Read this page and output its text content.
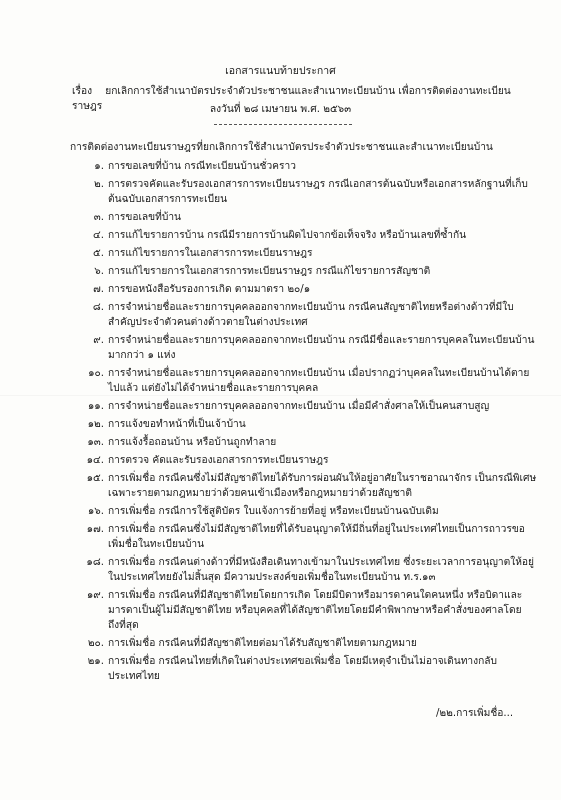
เอกสารแนบท้ายประกาศ
เรื่อง ยกเลิกการใช้สำเนาบัตรประจำตัวประชาชนและสำเนาทะเบียนบ้าน เพื่อการติดต่องานทะเบียนราษฎร	ลงวันที่ ๒๘ เมษายน พ.ศ. ๒๕๖๓
การติดต่องานทะเบียนราษฎรที่ยกเลิกการใช้สำเนาบัตรประจำตัวประชาชนและสำเนาทะเบียนบ้าน
๑. การขอเลขที่บ้าน กรณีทะเบียนบ้านชั่วคราว
๒. การตรวจคัดและรับรองเอกสารการทะเบียนราษฎร กรณีเอกสารต้นฉบับหรือเอกสารหลักฐานที่เก็บต้นฉบับเอกสารการทะเบียน
๓. การขอเลขที่บ้าน
๔. การแก้ไขรายการบ้าน กรณีมีรายการบ้านผิดไปจากข้อเท็จจริง หรือบ้านเลขที่ซ้ำกัน
๕. การแก้ไขรายการในเอกสารการทะเบียนราษฎร
๖. การแก้ไขรายการในเอกสารการทะเบียนราษฎร กรณีแก้ไขรายการสัญชาติ
๗. การขอหนังสือรับรองการเกิด ตามมาตรา ๒๐/๑
๘. การจำหน่ายชื่อและรายการบุคคลออกจากทะเบียนบ้าน กรณีคนสัญชาติไทยหรือต่างด้าวที่มีใบสำคัญประจำตัวคนต่างด้าวตายในต่างประเทศ
๙. การจำหน่ายชื่อและรายการบุคคลออกจากทะเบียนบ้าน กรณีมีชื่อและรายการบุคคลในทะเบียนบ้านมากกว่า ๑ แห่ง
๑๐. การจำหน่ายชื่อและรายการบุคคลออกจากทะเบียนบ้าน เมื่อปรากฏว่าบุคคลในทะเบียนบ้านได้ตายไปแล้ว แต่ยังไม่ได้จำหน่ายชื่อและรายการบุคคล
๑๑. การจำหน่ายชื่อและรายการบุคคลออกจากทะเบียนบ้าน เมื่อมีคำสั่งศาลให้เป็นคนสาบสูญ
๑๒. การแจ้งขอทำหน้าที่เป็นเจ้าบ้าน
๑๓. การแจ้งรื้อถอนบ้าน หรือบ้านถูกทำลาย
๑๔. การตรวจ คัดและรับรองเอกสารการทะเบียนราษฎร
๑๕. การเพิ่มชื่อ กรณีคนซึ่งไม่มีสัญชาติไทยได้รับการผ่อนผันให้อยู่อาศัยในราชอาณาจักร เป็นกรณีพิเศษเฉพาะรายตามกฎหมายว่าด้วยคนเข้าเมืองหรือกฎหมายว่าด้วยสัญชาติ
๑๖. การเพิ่มชื่อ กรณีการใช้สูติบัตร ใบแจ้งการย้ายที่อยู่ หรือทะเบียนบ้านฉบับเดิม
๑๗. การเพิ่มชื่อ กรณีคนซึ่งไม่มีสัญชาติไทยที่ได้รับอนุญาตให้มีถิ่นที่อยู่ในประเทศไทยเป็นการถาวรขอเพิ่มชื่อในทะเบียนบ้าน
๑๘. การเพิ่มชื่อ กรณีคนต่างด้าวที่มีหนังสือเดินทางเข้ามาในประเทศไทย ซึ่งระยะเวลาการอนุญาตให้อยู่ในประเทศไทยยังไม่สิ้นสุด มีความประสงค์ขอเพิ่มชื่อในทะเบียนบ้าน ท.ร.๑๓
๑๙. การเพิ่มชื่อ กรณีคนที่มีสัญชาติไทยโดยการเกิด โดยมีบิดาหรือมารดาคนใดคนหนึ่ง หรือบิดาและมารดาเป็นผู้ไม่มีสัญชาติไทย หรือบุคคลที่ได้สัญชาติไทยโดยมีคำพิพากษาหรือคำสั่งของศาลโดยถึงที่สุด
๒๐. การเพิ่มชื่อ กรณีคนที่มีสัญชาติไทยต่อมาได้รับสัญชาติไทยตามกฎหมาย
๒๑. การเพิ่มชื่อ กรณีคนไทยที่เกิดในต่างประเทศขอเพิ่มชื่อ โดยมีเหตุจำเป็นไม่อาจเดินทางกลับประเทศไทย
/๒๒.การเพิ่มชื่อ...
